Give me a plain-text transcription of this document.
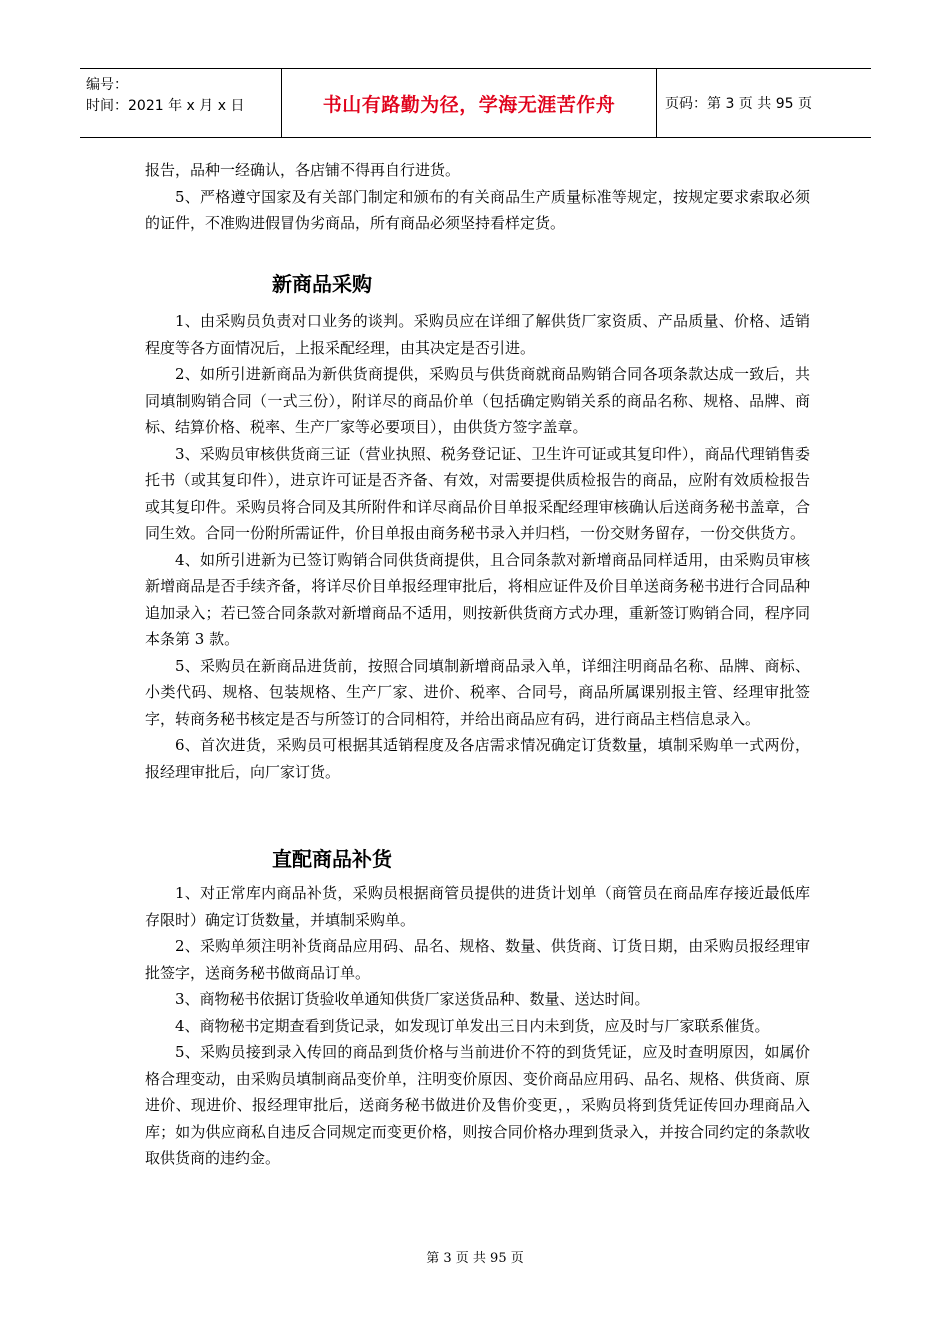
编号：
时间：2021 年 x 月 x 日	书山有路勤为径，学海无涯苦作舟	页码：第 3 页 共 95 页

报告，品种一经确认，各店铺不得再自行进货。

5、严格遵守国家及有关部门制定和颁布的有关商品生产质量标准等规定，按规定要求索取必须的证件，不准购进假冒伪劣商品，所有商品必须坚持看样定货。

新商品采购

1、由采购员负责对口业务的谈判。采购员应在详细了解供货厂家资质、产品质量、价格、适销程度等各方面情况后，上报采配经理，由其决定是否引进。

2、如所引进新商品为新供货商提供，采购员与供货商就商品购销合同各项条款达成一致后，共同填制购销合同（一式三份），附详尽的商品价单（包括确定购销关系的商品名称、规格、品牌、商标、结算价格、税率、生产厂家等必要项目），由供货方签字盖章。

3、采购员审核供货商三证（营业执照、税务登记证、卫生许可证或其复印件），商品代理销售委托书（或其复印件），进京许可证是否齐备、有效，对需要提供质检报告的商品，应附有效质检报告或其复印件。采购员将合同及其所附件和详尽商品价目单报采配经理审核确认后送商务秘书盖章，合同生效。合同一份附所需证件，价目单报由商务秘书录入并归档，一份交财务留存，一份交供货方。

4、如所引进新为已签订购销合同供货商提供，且合同条款对新增商品同样适用，由采购员审核新增商品是否手续齐备，将详尽价目单报经理审批后，将相应证件及价目单送商务秘书进行合同品种追加录入；若已签合同条款对新增商品不适用，则按新供货商方式办理，重新签订购销合同，程序同本条第 3 款。

5、采购员在新商品进货前，按照合同填制新增商品录入单，详细注明商品名称、品牌、商标、小类代码、规格、包装规格、生产厂家、进价、税率、合同号，商品所属课别报主管、经理审批签字，转商务秘书核定是否与所签订的合同相符，并给出商品应有码，进行商品主档信息录入。

6、首次进货，采购员可根据其适销程度及各店需求情况确定订货数量，填制采购单一式两份，报经理审批后，向厂家订货。

直配商品补货

1、对正常库内商品补货，采购员根据商管员提供的进货计划单（商管员在商品库存接近最低库存限时）确定订货数量，并填制采购单。

2、采购单须注明补货商品应用码、品名、规格、数量、供货商、订货日期，由采购员报经理审批签字，送商务秘书做商品订单。

3、商物秘书依据订货验收单通知供货厂家送货品种、数量、送达时间。

4、商物秘书定期查看到货记录，如发现订单发出三日内未到货，应及时与厂家联系催货。

5、采购员接到录入传回的商品到货价格与当前进价不符的到货凭证，应及时查明原因，如属价格合理变动，由采购员填制商品变价单，注明变价原因、变价商品应用码、品名、规格、供货商、原进价、现进价、报经理审批后，送商务秘书做进价及售价变更，，采购员将到货凭证传回办理商品入库；如为供应商私自违反合同规定而变更价格，则按合同价格办理到货录入，并按合同约定的条款收取供货商的违约金。

第 3 页 共 95 页
